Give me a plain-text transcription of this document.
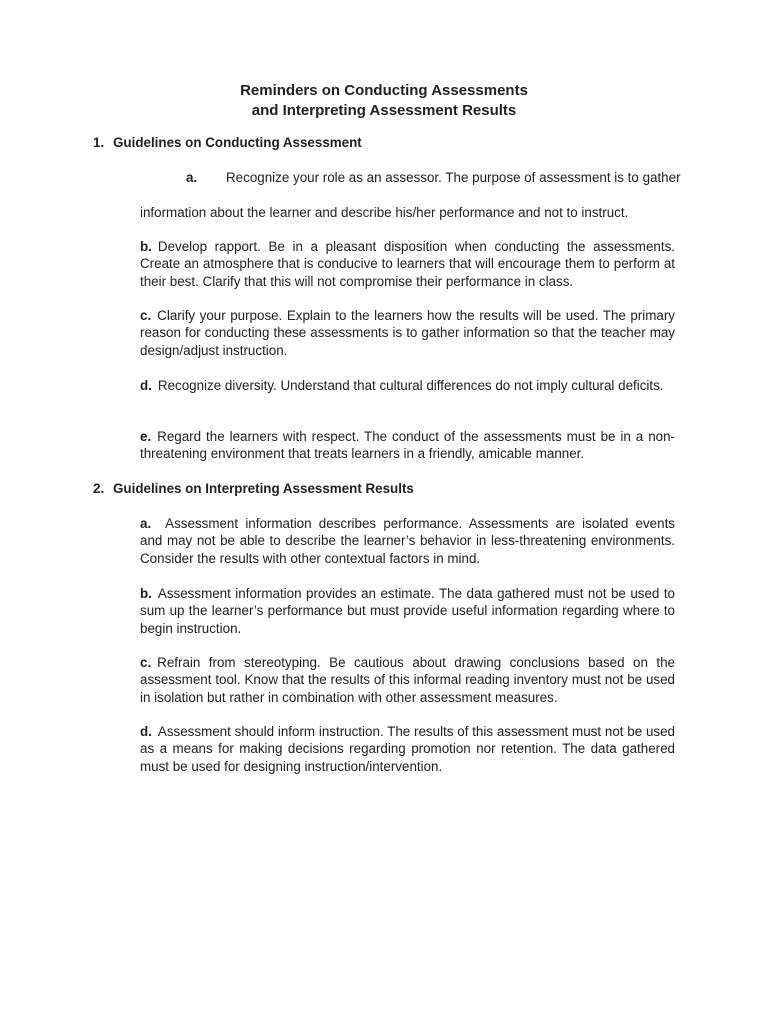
Reminders on Conducting Assessments
and Interpreting Assessment Results
1. Guidelines on Conducting Assessment
a. Recognize your role as an assessor. The purpose of assessment is to gather
information about the learner and describe his/her performance and not to instruct.
b. Develop rapport. Be in a pleasant disposition when conducting the assessments. Create an atmosphere that is conducive to learners that will encourage them to perform at their best. Clarify that this will not compromise their performance in class.
c. Clarify your purpose. Explain to the learners how the results will be used. The primary reason for conducting these assessments is to gather information so that the teacher may design/adjust instruction.
d. Recognize diversity. Understand that cultural differences do not imply cultural deficits.
e. Regard the learners with respect. The conduct of the assessments must be in a non-threatening environment that treats learners in a friendly, amicable manner.
2. Guidelines on Interpreting Assessment Results
a. Assessment information describes performance. Assessments are isolated events and may not be able to describe the learner’s behavior in less-threatening environments. Consider the results with other contextual factors in mind.
b. Assessment information provides an estimate. The data gathered must not be used to sum up the learner’s performance but must provide useful information regarding where to begin instruction.
c. Refrain from stereotyping. Be cautious about drawing conclusions based on the assessment tool. Know that the results of this informal reading inventory must not be used in isolation but rather in combination with other assessment measures.
d. Assessment should inform instruction. The results of this assessment must not be used as a means for making decisions regarding promotion nor retention. The data gathered must be used for designing instruction/intervention.
